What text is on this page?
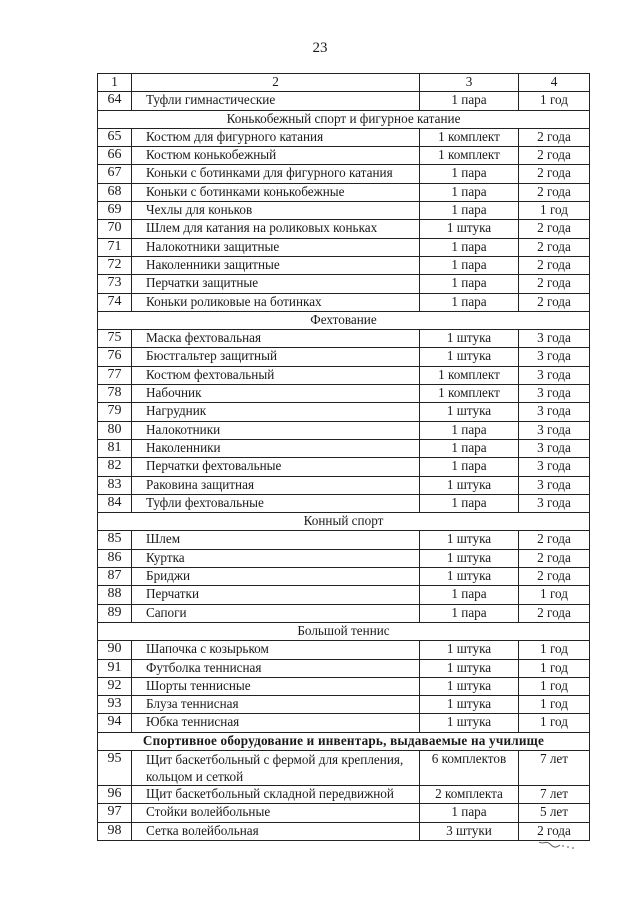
23
1	2	3	4
64	Туфли гимнастические	1 пара	1 год
Конькобежный спорт и фигурное катание			
65	Костюм для фигурного катания	1 комплект	2 года
66	Костюм конькобежный	1 комплект	2 года
67	Коньки с ботинками для фигурного катания	1 пара	2 года
68	Коньки с ботинками конькобежные	1 пара	2 года
69	Чехлы для коньков	1 пара	1 год
70	Шлем для катания на роликовых коньках	1 штука	2 года
71	Налокотники защитные	1 пара	2 года
72	Наколенники защитные	1 пара	2 года
73	Перчатки защитные	1 пара	2 года
74	Коньки роликовые на ботинках	1 пара	2 года
Фехтование			
75	Маска фехтовальная	1 штука	3 года
76	Бюстгальтер защитный	1 штука	3 года
77	Костюм фехтовальный	1 комплект	3 года
78	Набочник	1 комплект	3 года
79	Нагрудник	1 штука	3 года
80	Налокотники	1 пара	3 года
81	Наколенники	1 пара	3 года
82	Перчатки фехтовальные	1 пара	3 года
83	Раковина защитная	1 штука	3 года
84	Туфли фехтовальные	1 пара	3 года
Конный спорт			
85	Шлем	1 штука	2 года
86	Куртка	1 штука	2 года
87	Бриджи	1 штука	2 года
88	Перчатки	1 пара	1 год
89	Сапоги	1 пара	2 года
Большой теннис			
90	Шапочка с козырьком	1 штука	1 год
91	Футболка теннисная	1 штука	1 год
92	Шорты теннисные	1 штука	1 год
93	Блуза теннисная	1 штука	1 год
94	Юбка теннисная	1 штука	1 год
Спортивное оборудование и инвентарь, выдаваемые на училище			
95	Щит баскетбольный с фермой для крепления, кольцом и сеткой	6 комплектов	7 лет
96	Щит баскетбольный складной передвижной	2 комплекта	7 лет
97	Стойки волейбольные	1 пара	5 лет
98	Сетка волейбольная	3 штуки	2 года
